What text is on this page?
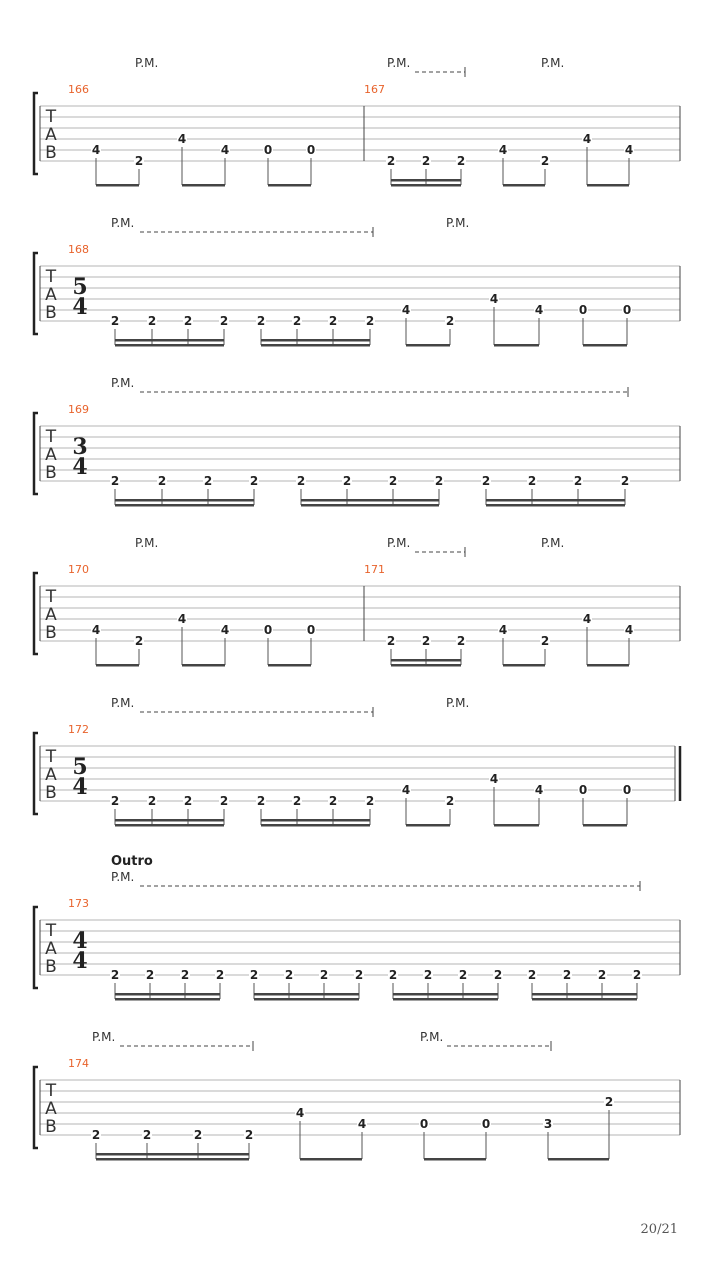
P.M.	P.M.	P.M.
T
A
B
166
4
2
4
4	0	0
167
2 2 2
4
2
4
4
P.M.	P.M.
T
A
B
168
5
4
2 2 2 2 2 2 2 2
4
2
4
4	0	0
P.M.
T
A
B
169
3
4
2	2	2	2	2	2	2	2	2	2	2	2
P.M.	P.M.	P.M.
T
A
B
170
4
2
4
4	0	0
171
2 2 2
4
2
4
4
P.M.	P.M.
T
A
B
172
5
4
2 2 2 2 2 2 2 2
4
2
4
4	0	0
P.M.
T
A
B
173
4
4
2 2 2 2 2 2 2 2 2 2 2 2 2 2 2 2
P.M.	P.M.
T
A
B
174
2	2	2	2
4
4	0	0	3
2
Outro
20/21
